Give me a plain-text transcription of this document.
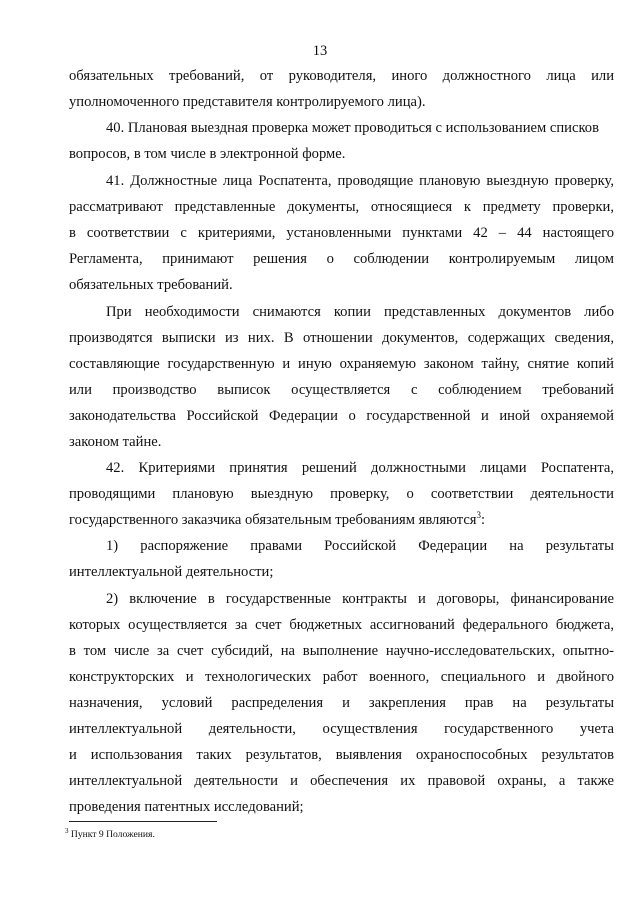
13
обязательных требований, от руководителя, иного должностного лица или
уполномоченного представителя контролируемого лица).
40. Плановая выездная проверка может проводиться с использованием списков
вопросов, в том числе в электронной форме.
41. Должностные лица Роспатента, проводящие плановую выездную проверку,
рассматривают представленные документы, относящиеся к предмету проверки,
в соответствии с критериями, установленными пунктами 42 – 44 настоящего
Регламента, принимают решения о соблюдении контролируемым лицом
обязательных требований.
При необходимости снимаются копии представленных документов либо
производятся выписки из них. В отношении документов, содержащих сведения,
составляющие государственную и иную охраняемую законом тайну, снятие копий
или производство выписок осуществляется с соблюдением требований
законодательства Российской Федерации о государственной и иной охраняемой
законом тайне.
42. Критериями принятия решений должностными лицами Роспатента,
проводящими плановую выездную проверку, о соответствии деятельности
государственного заказчика обязательным требованиям являются$^3$:
1) распоряжение правами Российской Федерации на результаты
интеллектуальной деятельности;
2) включение в государственные контракты и договоры, финансирование
которых осуществляется за счет бюджетных ассигнований федерального бюджета,
в том числе за счет субсидий, на выполнение научно-исследовательских, опытно-
конструкторских и технологических работ военного, специального и двойного
назначения, условий распределения и закрепления прав на результаты
интеллектуальной деятельности, осуществления государственного учета
и использования таких результатов, выявления охраноспособных результатов
интеллектуальной деятельности и обеспечения их правовой охраны, а также
проведения патентных исследований;
$^3$ Пункт 9 Положения.
